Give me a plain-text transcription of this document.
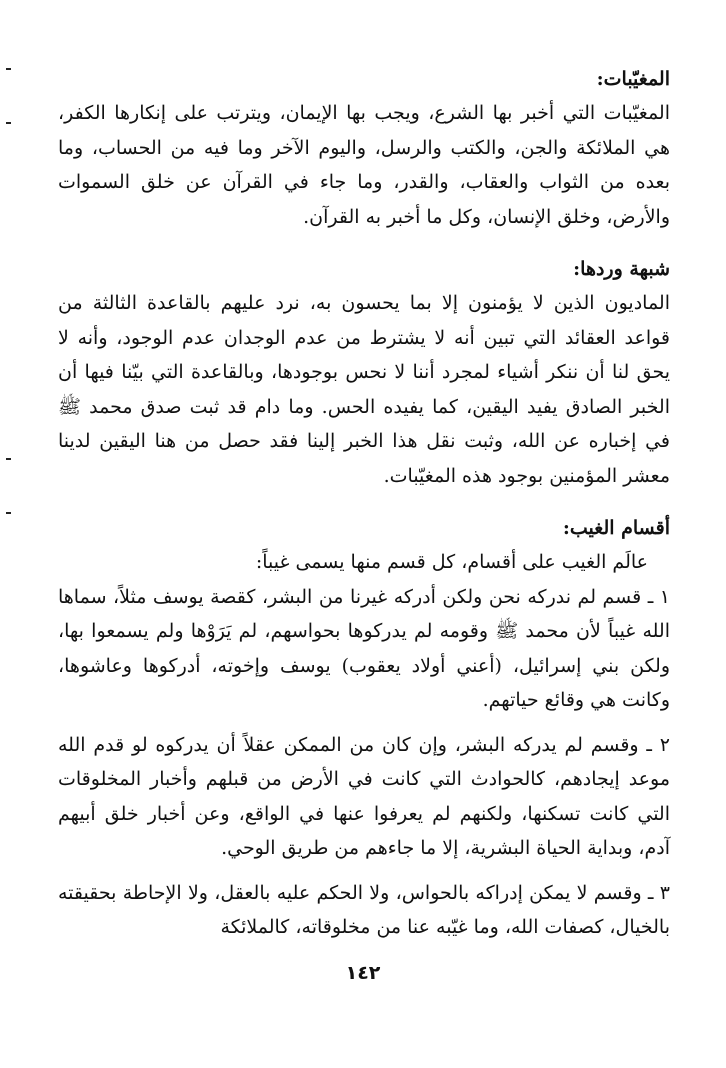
المغيّبات:

المغيّبات التي أخبر بها الشرع، ويجب بها الإيمان، ويترتب على إنكارها الكفر، هي الملائكة والجن، والكتب والرسل، واليوم الآخر وما فيه من الحساب، وما بعده من الثواب والعقاب، والقدر، وما جاء في القرآن عن خلق السموات والأرض، وخلق الإنسان، وكل ما أخبر به القرآن.

شبهة وردها:

الماديون الذين لا يؤمنون إلا بما يحسون به، نرد عليهم بالقاعدة الثالثة من قواعد العقائد التي تبين أنه لا يشترط من عدم الوجدان عدم الوجود، وأنه لا يحق لنا أن ننكر أشياء لمجرد أننا لا نحس بوجودها، وبالقاعدة التي بيّنا فيها أن الخبر الصادق يفيد اليقين، كما يفيده الحس. وما دام قد ثبت صدق محمد ﷺ في إخباره عن الله، وثبت نقل هذا الخبر إلينا فقد حصل من هنا اليقين لدينا معشر المؤمنين بوجود هذه المغيّبات.

أقسام الغيب:

عالَم الغيب على أقسام، كل قسم منها يسمى غيباً:

١ ـ قسم لم ندركه نحن ولكن أدركه غيرنا من البشر، كقصة يوسف مثلاً، سماها الله غيباً لأن محمد ﷺ وقومه لم يدركوها بحواسهم، لم يَرَوْها ولم يسمعوا بها، ولكن بني إسرائيل، (أعني أولاد يعقوب) يوسف وإخوته، أدركوها وعاشوها، وكانت هي وقائع حياتهم.

٢ ـ وقسم لم يدركه البشر، وإن كان من الممكن عقلاً أن يدركوه لو قدم الله موعد إيجادهم، كالحوادث التي كانت في الأرض من قبلهم وأخبار المخلوقات التي كانت تسكنها، ولكنهم لم يعرفوا عنها في الواقع، وعن أخبار خلق أبيهم آدم، وبداية الحياة البشرية، إلا ما جاءهم من طريق الوحي.

٣ ـ وقسم لا يمكن إدراكه بالحواس، ولا الحكم عليه بالعقل، ولا الإحاطة بحقيقته بالخيال، كصفات الله، وما غيّبه عنا من مخلوقاته، كالملائكة

١٤٢
